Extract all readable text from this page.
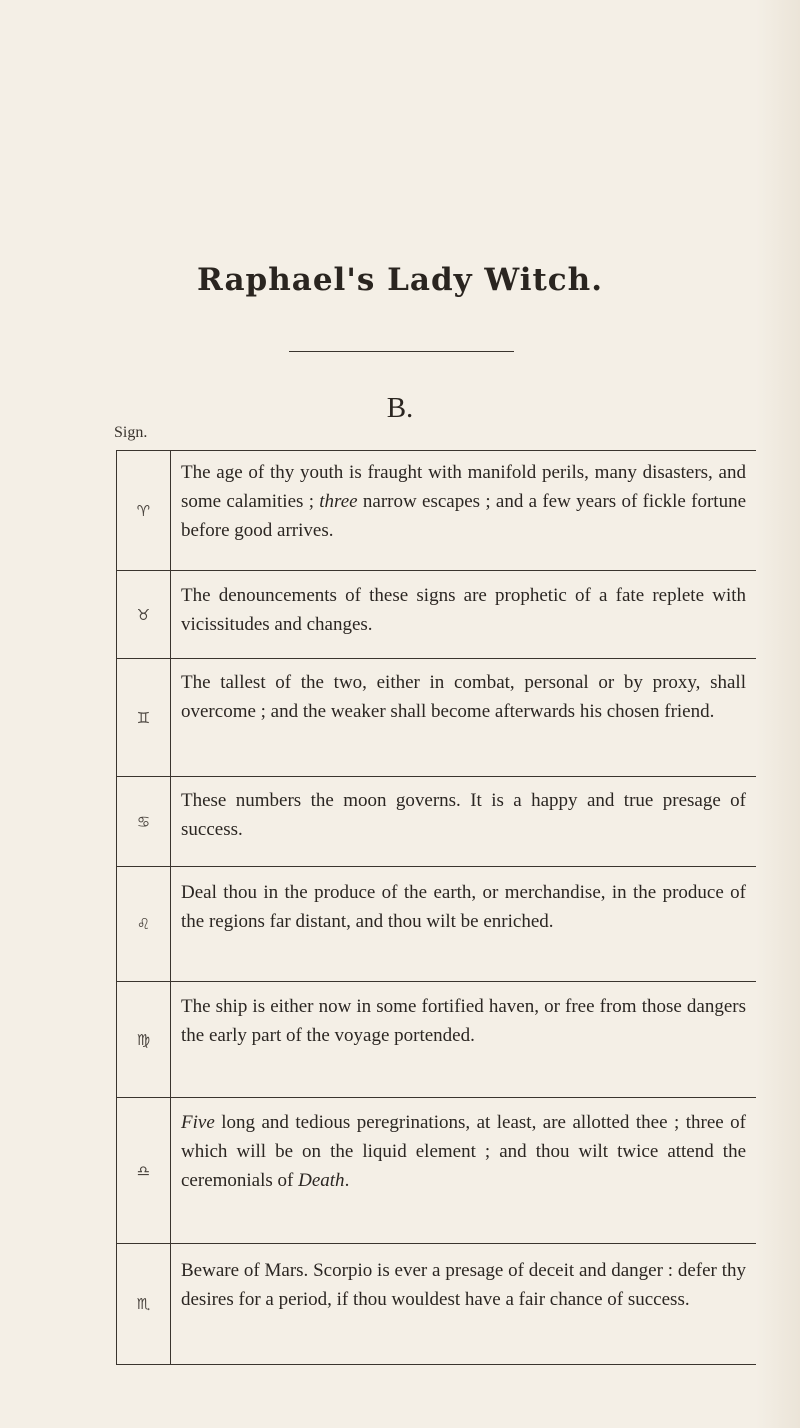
Raphael's Lady Witch.
B.
Sign.
♈
The age of thy youth is fraught with manifold perils, many disasters, and some calamities ; three narrow escapes ; and a few years of fickle fortune before good arrives.
♉
The denouncements of these signs are prophetic of a fate replete with vicissitudes and changes.
♊
The tallest of the two, either in combat, personal or by proxy, shall overcome ; and the weaker shall become afterwards his chosen friend.
♋
These numbers the moon governs. It is a happy and true presage of success.
♌
Deal thou in the produce of the earth, or merchandise, in the produce of the regions far distant, and thou wilt be enriched.
♍
The ship is either now in some fortified haven, or free from those dangers the early part of the voyage portended.
♎
Five long and tedious peregrinations, at least, are allotted thee ; three of which will be on the liquid element ; and thou wilt twice attend the ceremonials of Death.
♏
Beware of Mars. Scorpio is ever a presage of deceit and danger : defer thy desires for a period, if thou wouldest have a fair chance of success.
